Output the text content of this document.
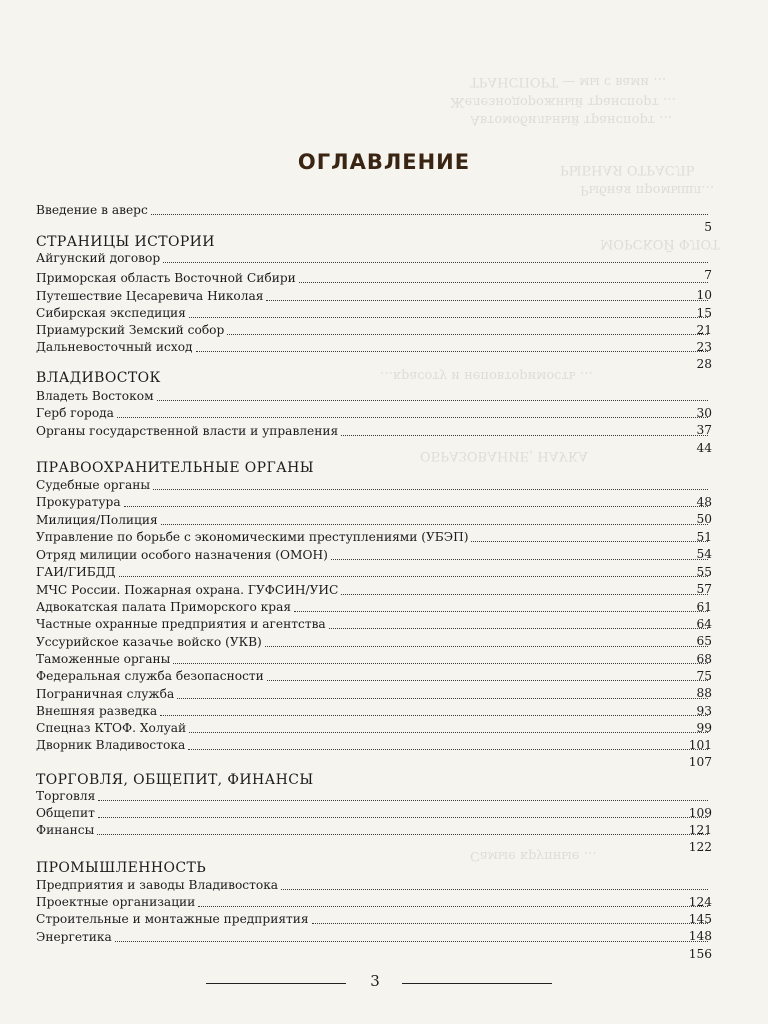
ТРАНСПОРТ — мы с вами …
Железнодорожный транспорт …
Автомобильный транспорт …
РЫБНАЯ ОТРАСЛЬ
Рыбная промышл…
МОРСКОЙ ФЛОТ
…красоту и неповторимость …
ОБРАЗОВАНИЕ, НАУКА
Самые крупные …
ОГЛАВЛЕНИЕ
Введение в аверс
5
СТРАНИЦЫ ИСТОРИИ
Айгунский договор
7
Приморская область Восточной Сибири
10
Путешествие Цесаревича Николая
15
Сибирская экспедиция
21
Приамурский Земский собор
23
Дальневосточный исход
28
ВЛАДИВОСТОК
Владеть Востоком
30
Герб города
37
Органы государственной власти и управления
44
ПРАВООХРАНИТЕЛЬНЫЕ ОРГАНЫ
Судебные органы
48
Прокуратура
50
Милиция/Полиция
51
Управление по борьбе с экономическими преступлениями (УБЭП)
54
Отряд милиции особого назначения (ОМОН)
55
ГАИ/ГИБДД
57
МЧС России. Пожарная охрана. ГУФСИН/УИС
61
Адвокатская палата Приморского края
64
Частные охранные предприятия и агентства
65
Уссурийское казачье войско (УКВ)
68
Таможенные органы
75
Федеральная служба безопасности
88
Пограничная служба
93
Внешняя разведка
99
Спецназ КТОФ. Холуай
101
Дворник Владивостока
107
ТОРГОВЛЯ, ОБЩЕПИТ, ФИНАНСЫ
Торговля
109
Общепит
121
Финансы
122
ПРОМЫШЛЕННОСТЬ
Предприятия и заводы Владивостока
124
Проектные организации
145
Строительные и монтажные предприятия
148
Энергетика
156
3
